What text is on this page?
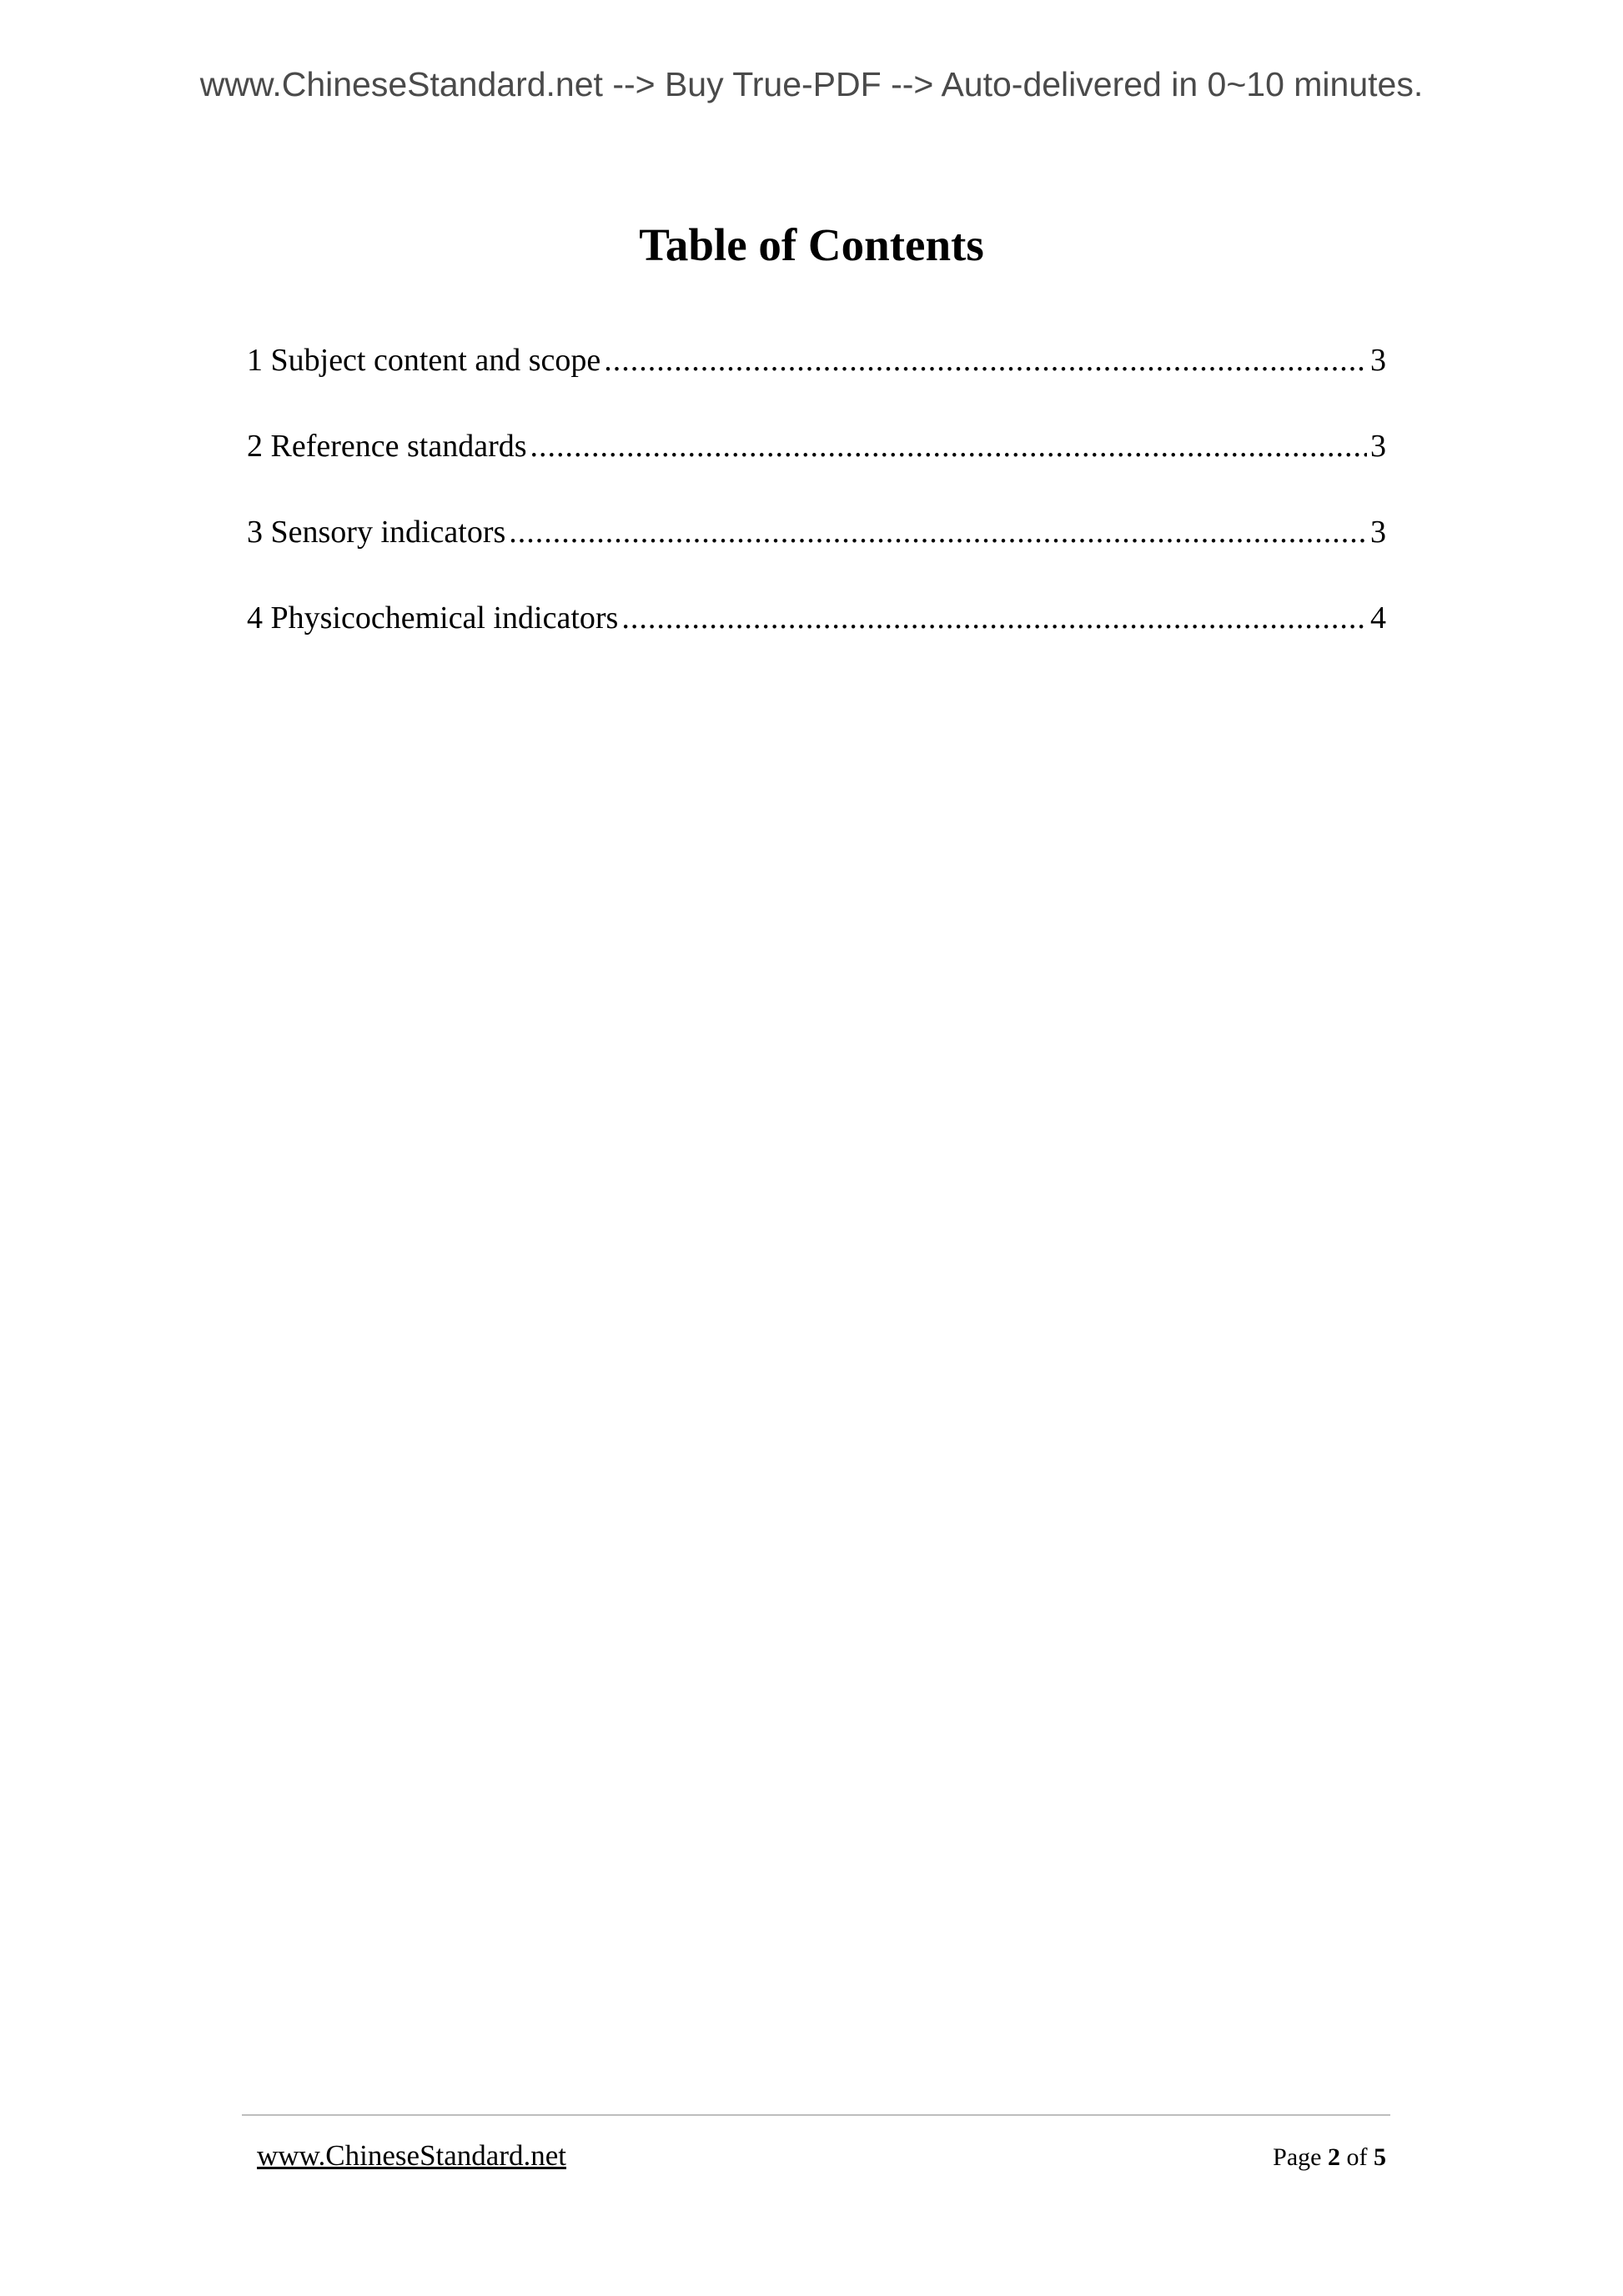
www.ChineseStandard.net --> Buy True-PDF --> Auto-delivered in 0~10 minutes.
Table of Contents
1 Subject content and scope .....	3
2 Reference standards .....	3
3 Sensory indicators .....	3
4 Physicochemical indicators .....	4
www.ChineseStandard.net	Page 2 of 5
